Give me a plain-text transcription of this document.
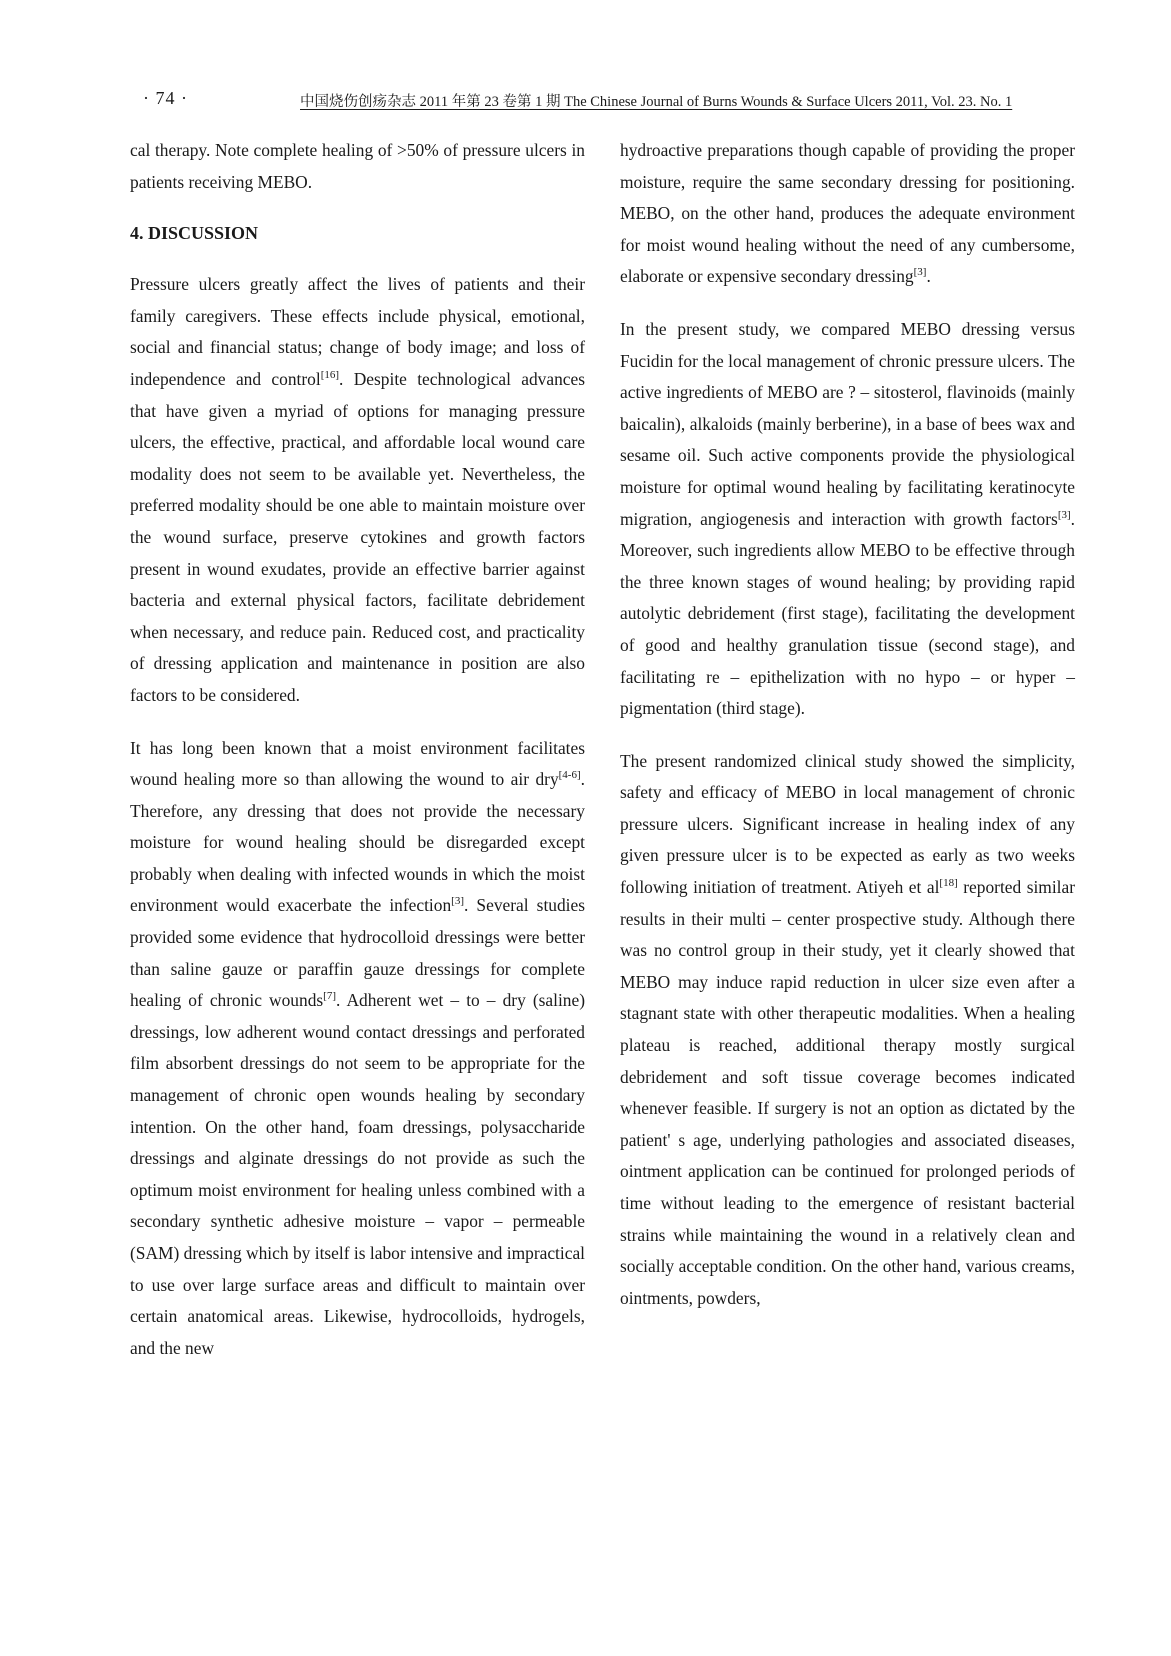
· 74 ·	中国烧伤创疡杂志 2011 年第 23 卷第 1 期 The Chinese Journal of Burns Wounds & Surface Ulcers 2011, Vol. 23. No. 1

cal therapy. Note complete healing of >50% of pressure ulcers in patients receiving MEBO.

4. DISCUSSION

Pressure ulcers greatly affect the lives of patients and their family caregivers. These effects include physical, emotional, social and financial status; change of body image; and loss of independence and control[16]. Despite technological advances that have given a myriad of options for managing pressure ulcers, the effective, practical, and affordable local wound care modality does not seem to be available yet. Nevertheless, the preferred modality should be one able to maintain moisture over the wound surface, preserve cytokines and growth factors present in wound exudates, provide an effective barrier against bacteria and external physical factors, facilitate debridement when necessary, and reduce pain. Reduced cost, and practicality of dressing application and maintenance in position are also factors to be considered.

It has long been known that a moist environment facilitates wound healing more so than allowing the wound to air dry[4-6]. Therefore, any dressing that does not provide the necessary moisture for wound healing should be disregarded except probably when dealing with infected wounds in which the moist environment would exacerbate the infection[3]. Several studies provided some evidence that hydrocolloid dressings were better than saline gauze or paraffin gauze dressings for complete healing of chronic wounds[7]. Adherent wet – to – dry (saline) dressings, low adherent wound contact dressings and perforated film absorbent dressings do not seem to be appropriate for the management of chronic open wounds healing by secondary intention. On the other hand, foam dressings, polysaccharide dressings and alginate dressings do not provide as such the optimum moist environment for healing unless combined with a secondary synthetic adhesive moisture – vapor – permeable (SAM) dressing which by itself is labor intensive and impractical to use over large surface areas and difficult to maintain over certain anatomical areas. Likewise, hydrocolloids, hydrogels, and the new

hydroactive preparations though capable of providing the proper moisture, require the same secondary dressing for positioning. MEBO, on the other hand, produces the adequate environment for moist wound healing without the need of any cumbersome, elaborate or expensive secondary dressing[3].

In the present study, we compared MEBO dressing versus Fucidin for the local management of chronic pressure ulcers. The active ingredients of MEBO are ? – sitosterol, flavinoids (mainly baicalin), alkaloids (mainly berberine), in a base of bees wax and sesame oil. Such active components provide the physiological moisture for optimal wound healing by facilitating keratinocyte migration, angiogenesis and interaction with growth factors[3]. Moreover, such ingredients allow MEBO to be effective through the three known stages of wound healing; by providing rapid autolytic debridement (first stage), facilitating the development of good and healthy granulation tissue (second stage), and facilitating re – epithelization with no hypo – or hyper – pigmentation (third stage).

The present randomized clinical study showed the simplicity, safety and efficacy of MEBO in local management of chronic pressure ulcers. Significant increase in healing index of any given pressure ulcer is to be expected as early as two weeks following initiation of treatment. Atiyeh et al[18] reported similar results in their multi – center prospective study. Although there was no control group in their study, yet it clearly showed that MEBO may induce rapid reduction in ulcer size even after a stagnant state with other therapeutic modalities. When a healing plateau is reached, additional therapy mostly surgical debridement and soft tissue coverage becomes indicated whenever feasible. If surgery is not an option as dictated by the patient' s age, underlying pathologies and associated diseases, ointment application can be continued for prolonged periods of time without leading to the emergence of resistant bacterial strains while maintaining the wound in a relatively clean and socially acceptable condition. On the other hand, various creams, ointments, powders,
